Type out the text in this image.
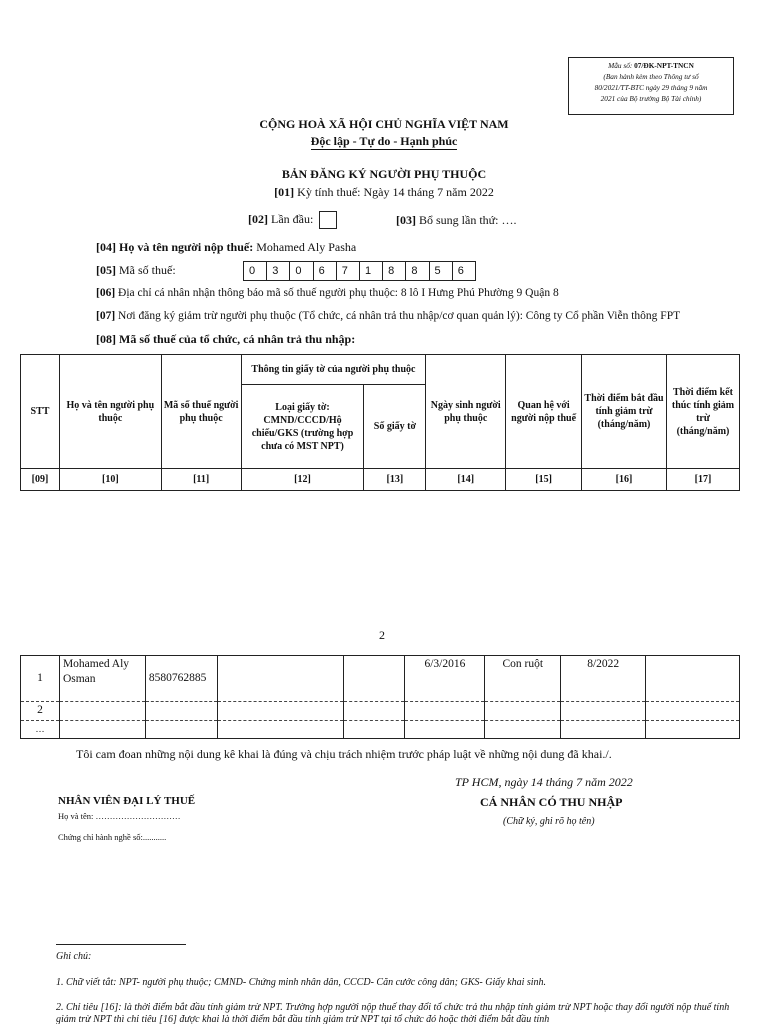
Mẫu số: 07/ĐK-NPT-TNCN
(Ban hành kèm theo Thông tư số
80/2021/TT-BTC ngày 29 tháng 9 năm
2021 của Bộ trưởng Bộ Tài chính)
CỘNG HOÀ XÃ HỘI CHỦ NGHĨA VIỆT NAM
Độc lập - Tự do - Hạnh phúc
BẢN ĐĂNG KÝ NGƯỜI PHỤ THUỘC
[01] Kỳ tính thuế: Ngày 14 tháng 7 năm 2022
[02] Lần đầu:	[03] Bổ sung lần thứ: ….
[04] Họ và tên người nộp thuế: Mohamed Aly Pasha
[05] Mã số thuế:	0	3	0	6	7	1	8	8	5	6
[06] Địa chỉ cá nhân nhận thông báo mã số thuế người phụ thuộc: 8 lô I Hưng Phú Phường 9 Quận 8
[07] Nơi đăng ký giảm trừ người phụ thuộc (Tổ chức, cá nhân trả thu nhập/cơ quan quản lý): Công ty Cổ phần Viễn thông FPT
[08] Mã số thuế của tổ chức, cá nhân trả thu nhập:
STT	Họ và tên người phụ thuộc	Mã số thuế người phụ thuộc	Thông tin giấy tờ của người phụ thuộc		Ngày sinh người phụ thuộc	Quan hệ với người nộp thuế	Thời điểm bắt đầu tính giảm trừ (tháng/năm)	Thời điểm kết thúc tính giảm trừ (tháng/năm)
			Loại giấy tờ: CMND/CCCD/Hộ chiếu/GKS (trường hợp chưa có MST NPT)	Số giấy tờ				
[09]	[10]	[11]	[12]	[13]	[14]	[15]	[16]	[17]
2
1	Mohamed Aly Osman	8580762885			6/3/2016	Con ruột	8/2022	
2								
…								
Tôi cam đoan những nội dung kê khai là đúng và chịu trách nhiệm trước pháp luật về những nội dung đã khai./.
TP HCM, ngày 14 tháng 7 năm 2022
CÁ NHÂN CÓ THU NHẬP
(Chữ ký, ghi rõ họ tên)
NHÂN VIÊN ĐẠI LÝ THUẾ
Họ và tên: …………………………
Chứng chỉ hành nghề số:...........
Ghi chú:
1. Chữ viết tắt: NPT- người phụ thuộc; CMND- Chứng minh nhân dân, CCCD- Căn cước công dân; GKS- Giấy khai sinh.
2. Chỉ tiêu [16]: là thời điểm bắt đầu tính giảm trừ NPT. Trường hợp người nộp thuế thay đổi tổ chức trả thu nhập tính giảm trừ NPT hoặc thay đổi người nộp thuế tính giảm trừ NPT thì chỉ tiêu [16] được khai là thời điểm bắt đầu tính giảm trừ NPT tại tổ chức đó hoặc thời điểm bắt đầu tính
